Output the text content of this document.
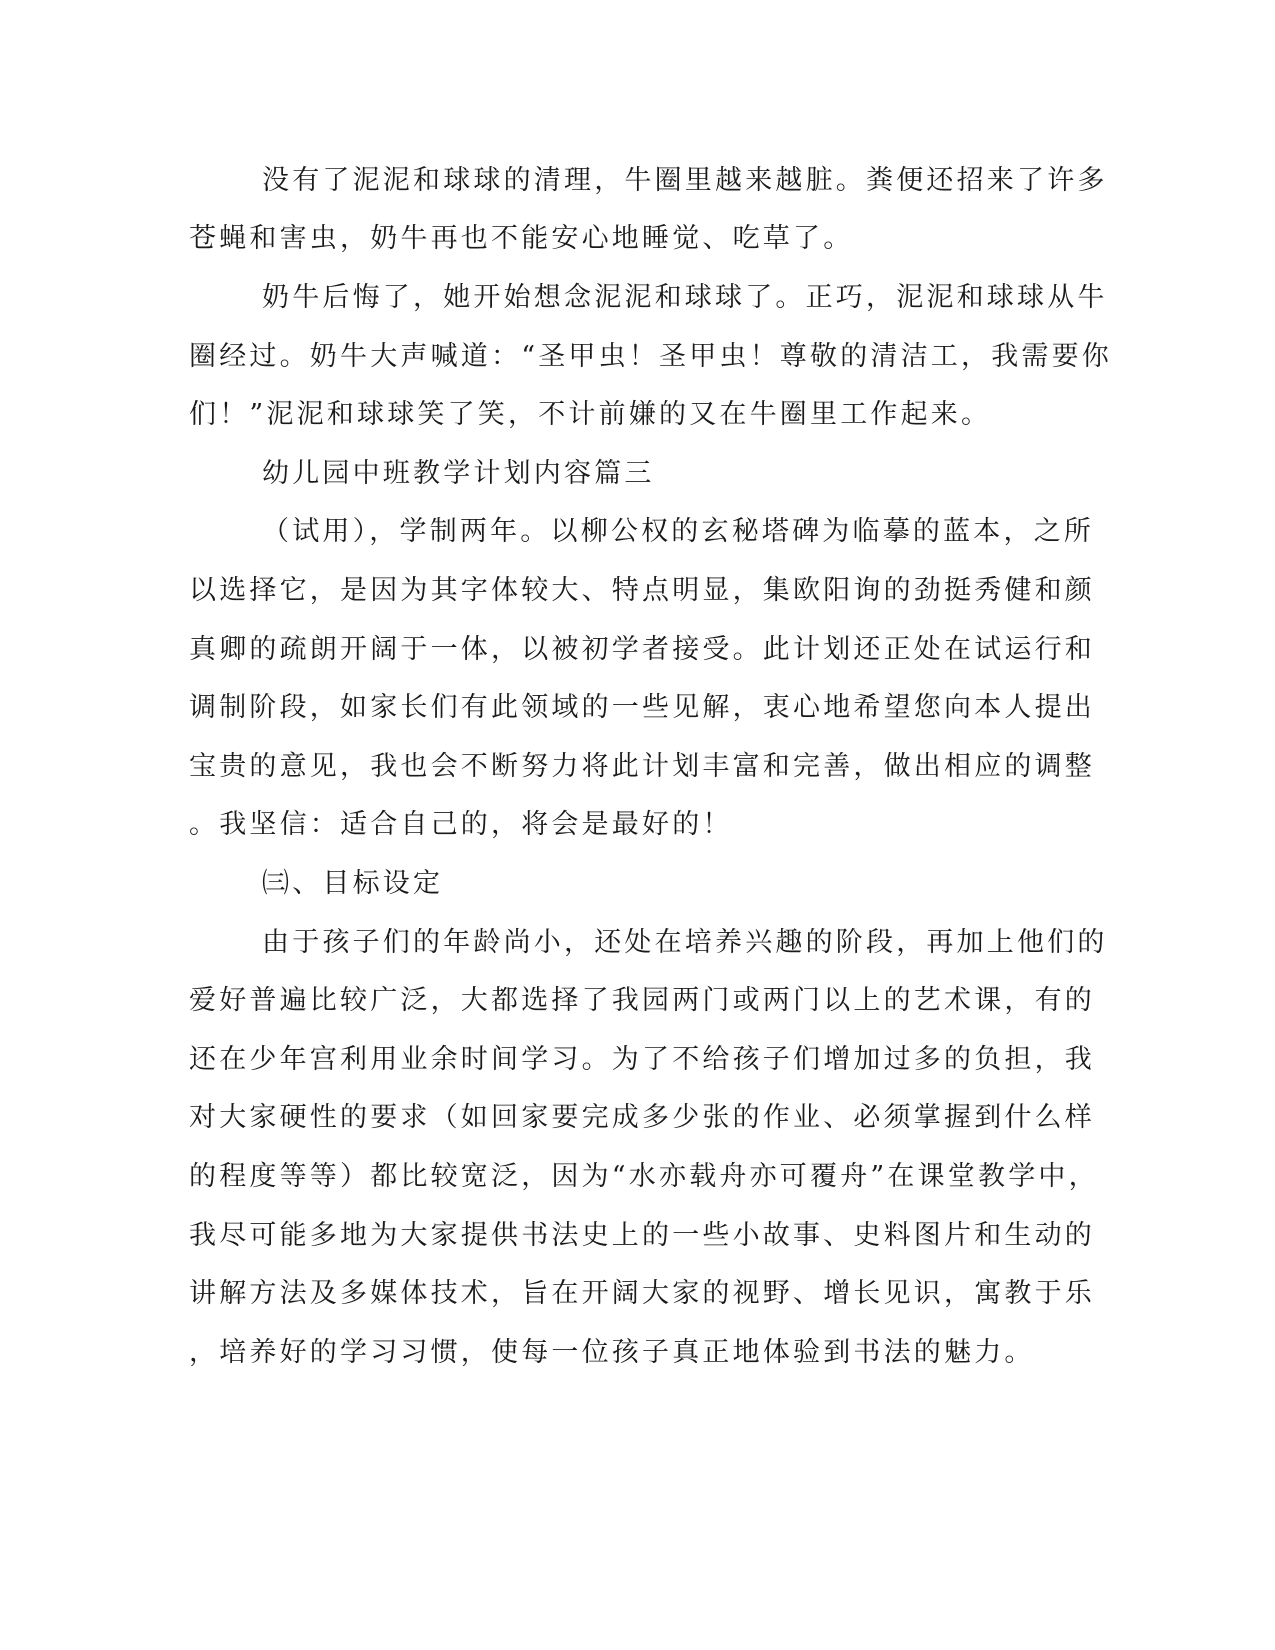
没有了泥泥和球球的清理，牛圈里越来越脏。粪便还招来了许多

苍蝇和害虫，奶牛再也不能安心地睡觉、吃草了。

奶牛后悔了，她开始想念泥泥和球球了。正巧，泥泥和球球从牛

圈经过。奶牛大声喊道：“圣甲虫！圣甲虫！尊敬的清洁工，我需要你

们！”泥泥和球球笑了笑，不计前嫌的又在牛圈里工作起来。

幼儿园中班教学计划内容篇三

（试用），学制两年。以柳公权的玄秘塔碑为临摹的蓝本，之所

以选择它，是因为其字体较大、特点明显，集欧阳询的劲挺秀健和颜

真卿的疏朗开阔于一体，以被初学者接受。此计划还正处在试运行和

调制阶段，如家长们有此领域的一些见解，衷心地希望您向本人提出

宝贵的意见，我也会不断努力将此计划丰富和完善，做出相应的调整

。我坚信：适合自己的，将会是最好的！

㈢、目标设定

由于孩子们的年龄尚小，还处在培养兴趣的阶段，再加上他们的

爱好普遍比较广泛，大都选择了我园两门或两门以上的艺术课，有的

还在少年宫利用业余时间学习。为了不给孩子们增加过多的负担，我

对大家硬性的要求（如回家要完成多少张的作业、必须掌握到什么样

的程度等等）都比较宽泛，因为“水亦载舟亦可覆舟”在课堂教学中，

我尽可能多地为大家提供书法史上的一些小故事、史料图片和生动的

讲解方法及多媒体技术，旨在开阔大家的视野、增长见识，寓教于乐

，培养好的学习习惯，使每一位孩子真正地体验到书法的魅力。
